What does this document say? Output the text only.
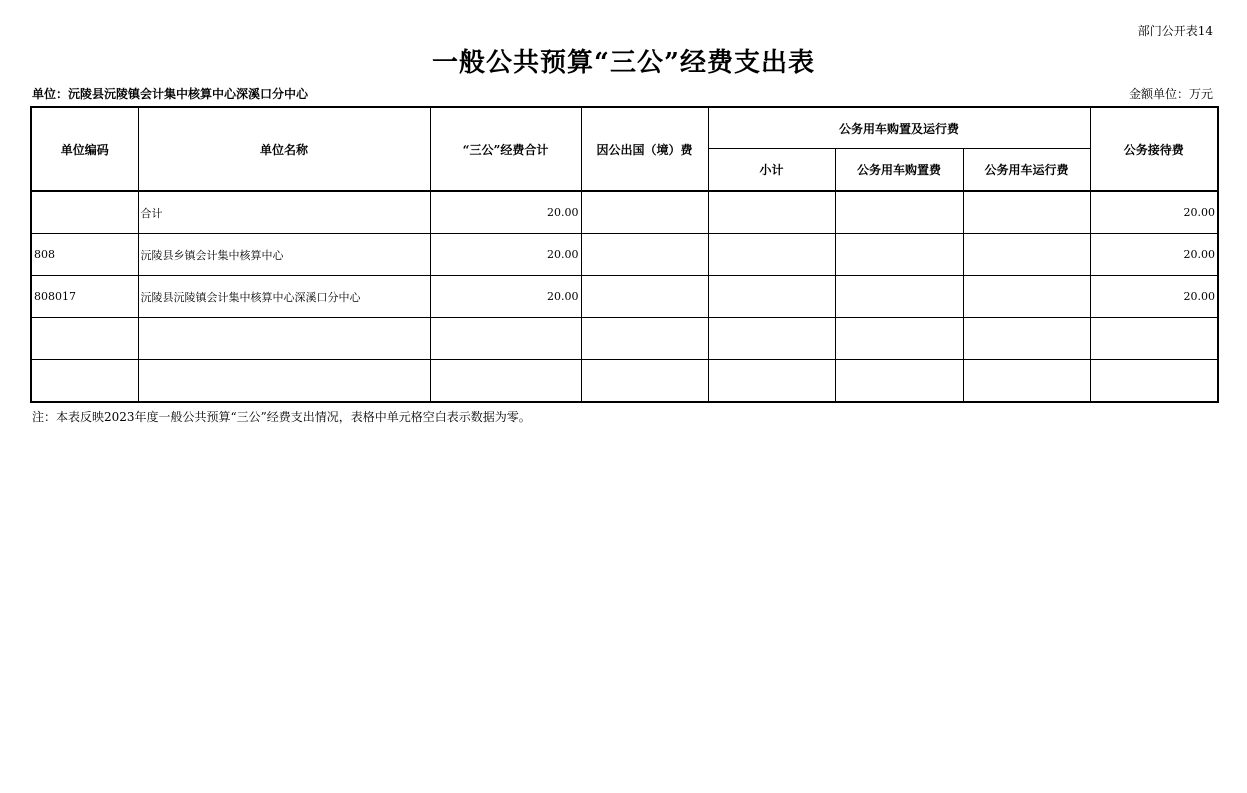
部门公开表14
一般公共预算“三公”经费支出表
单位：沅陵县沅陵镇会计集中核算中心深溪口分中心	金额单位：万元
单位编码	单位名称	“三公”经费合计	因公出国（境）费	公务用车购置及运行费			公务接待费
				小计	公务用车购置费	公务用车运行费	
	合计	20.00					20.00
808	沅陵县乡镇会计集中核算中心	20.00					20.00
808017	沅陵县沅陵镇会计集中核算中心深溪口分中心	20.00					20.00

注：本表反映2023年度一般公共预算“三公”经费支出情况，表格中单元格空白表示数据为零。
